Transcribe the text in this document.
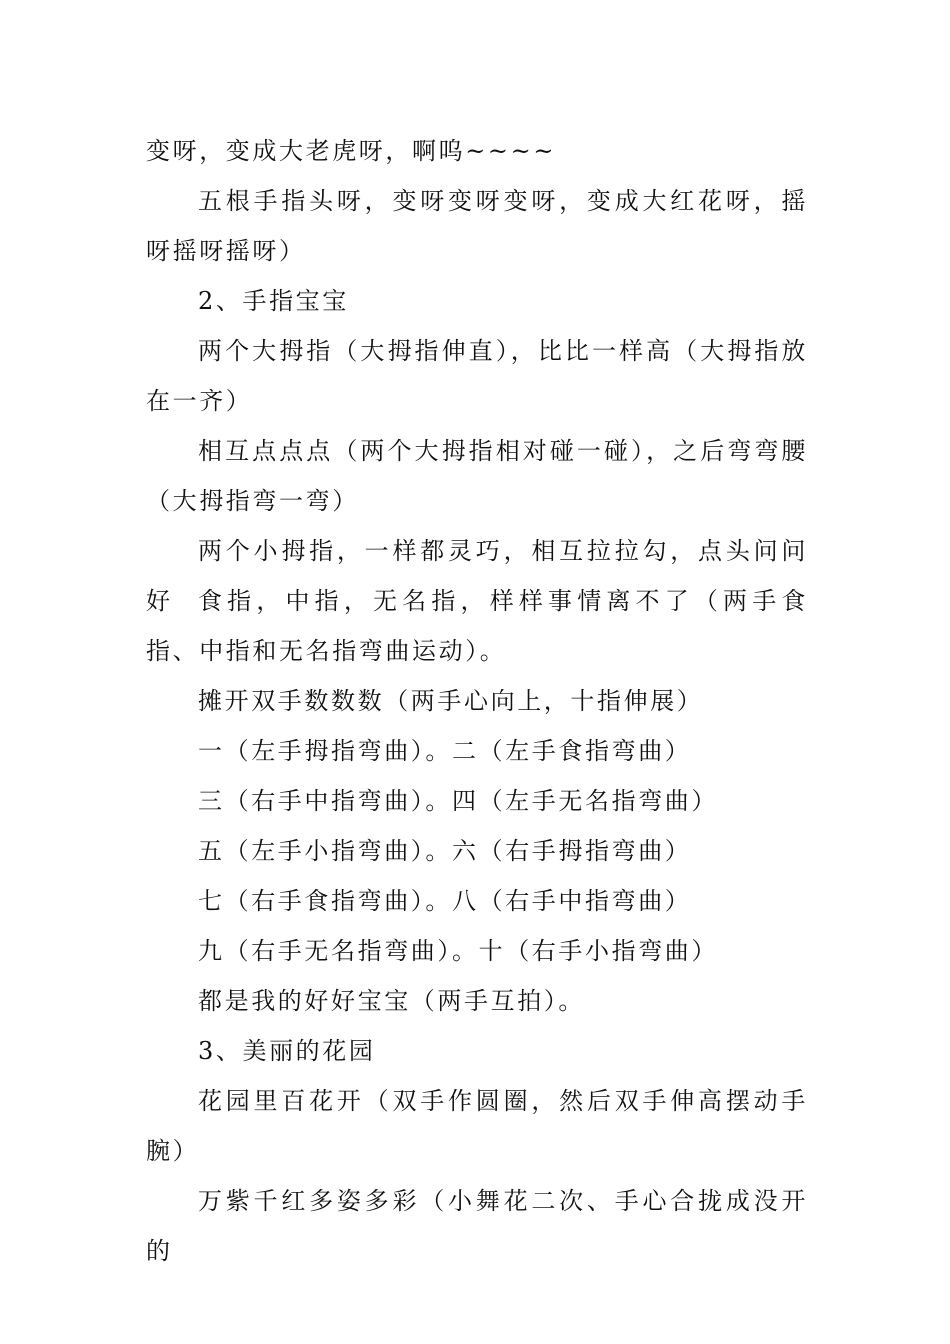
变呀，变成大老虎呀，啊呜~~~~

五根手指头呀，变呀变呀变呀，变成大红花呀，摇呀摇呀摇呀）

2、手指宝宝

两个大拇指（大拇指伸直），比比一样高（大拇指放在一齐）

相互点点点（两个大拇指相对碰一碰），之后弯弯腰（大拇指弯一弯）

两个小拇指，一样都灵巧，相互拉拉勾，点头问问好	食指，中指，无名指，样样事情离不了（两手食指、中指和无名指弯曲运动）。

摊开双手数数数（两手心向上，十指伸展）

一（左手拇指弯曲）。二（左手食指弯曲）

三（右手中指弯曲）。四（左手无名指弯曲）

五（左手小指弯曲）。六（右手拇指弯曲）

七（右手食指弯曲）。八（右手中指弯曲）

九（右手无名指弯曲）。十（右手小指弯曲）

都是我的好好宝宝（两手互拍）。

3、美丽的花园

花园里百花开（双手作圆圈，然后双手伸高摆动手腕）

万紫千红多姿多彩（小舞花二次、手心合拢成没开的
